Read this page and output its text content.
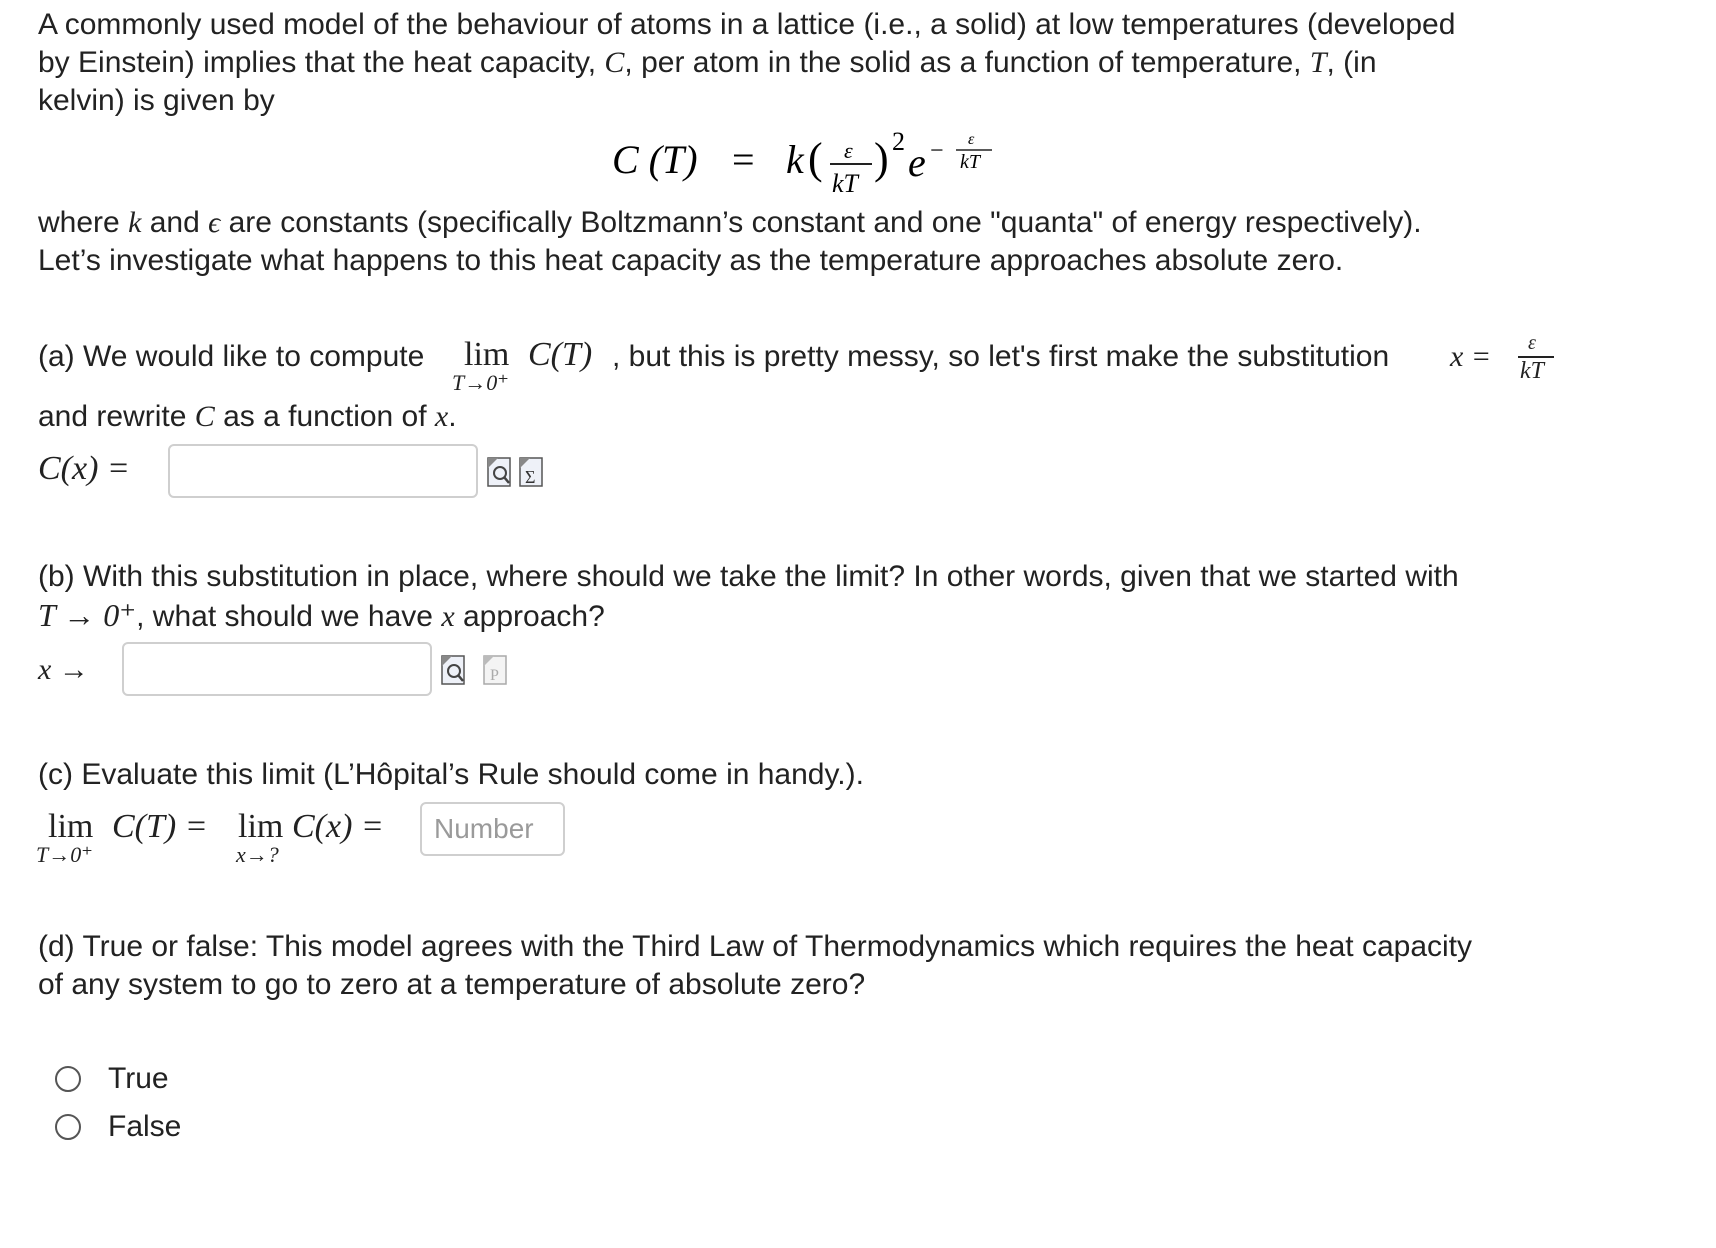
A commonly used model of the behaviour of atoms in a lattice (i.e., a solid) at low temperatures (developed
by Einstein) implies that the heat capacity, C, per atom in the solid as a function of temperature, T, (in
kelvin) is given by
C (T) = k ( ε
kT
) 2 e − ε
kT
where k and ϵ are constants (specifically Boltzmann’s constant and one "quanta" of energy respectively).
Let’s investigate what happens to this heat capacity as the temperature approaches absolute zero.
(a) We would like to compute lim
T→0⁺
C(T) , but this is pretty messy, so let's first make the substitution x = ε
kT
and rewrite C as a function of x.
C(x) =	Σ
(b) With this substitution in place, where should we take the limit? In other words, given that we started with
T → 0⁺, what should we have x approach?
x →	P
(c) Evaluate this limit (L’Hôpital’s Rule should come in handy.).
lim
T→0⁺
C(T) = lim
x→?
C(x) =	Number
(d) True or false: This model agrees with the Third Law of Thermodynamics which requires the heat capacity
of any system to go to zero at a temperature of absolute zero?
True
False
